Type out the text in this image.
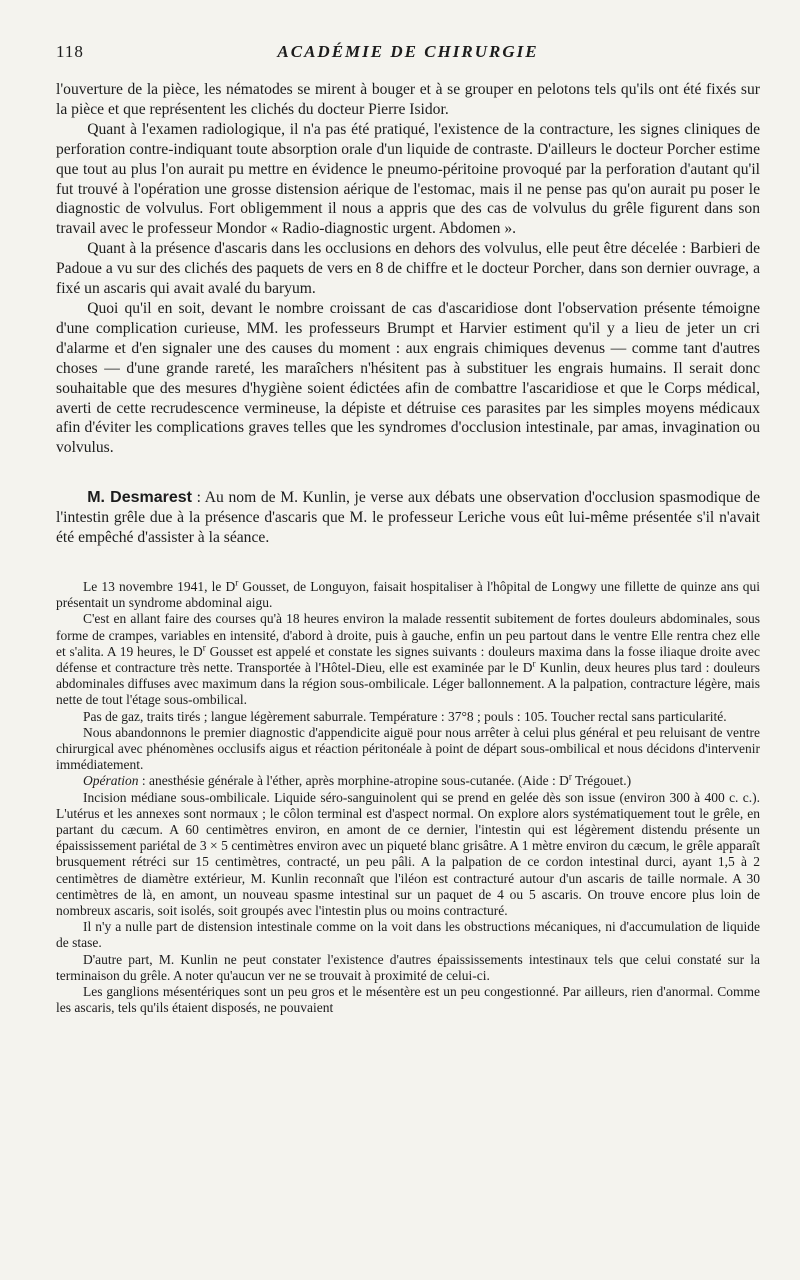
118	ACADÉMIE DE CHIRURGIE

l'ouverture de la pièce, les nématodes se mirent à bouger et à se grouper en pelotons tels qu'ils ont été fixés sur la pièce et que représentent les clichés du docteur Pierre Isidor.

Quant à l'examen radiologique, il n'a pas été pratiqué, l'existence de la contracture, les signes cliniques de perforation contre-indiquant toute absorption orale d'un liquide de contraste. D'ailleurs le docteur Porcher estime que tout au plus l'on aurait pu mettre en évidence le pneumo-péritoine provoqué par la perforation d'autant qu'il fut trouvé à l'opération une grosse distension aérique de l'estomac, mais il ne pense pas qu'on aurait pu poser le diagnostic de volvulus. Fort obligemment il nous a appris que des cas de volvulus du grêle figurent dans son travail avec le professeur Mondor « Radio-diagnostic urgent. Abdomen ».

Quant à la présence d'ascaris dans les occlusions en dehors des volvulus, elle peut être décelée : Barbieri de Padoue a vu sur des clichés des paquets de vers en 8 de chiffre et le docteur Porcher, dans son dernier ouvrage, a fixé un ascaris qui avait avalé du baryum.

Quoi qu'il en soit, devant le nombre croissant de cas d'ascaridiose dont l'observation présente témoigne d'une complication curieuse, MM. les professeurs Brumpt et Harvier estiment qu'il y a lieu de jeter un cri d'alarme et d'en signaler une des causes du moment : aux engrais chimiques devenus — comme tant d'autres choses — d'une grande rareté, les maraîchers n'hésitent pas à substituer les engrais humains. Il serait donc souhaitable que des mesures d'hygiène soient édictées afin de combattre l'ascaridiose et que le Corps médical, averti de cette recrudescence vermineuse, la dépiste et détruise ces parasites par les simples moyens médicaux afin d'éviter les complications graves telles que les syndromes d'occlusion intestinale, par amas, invagination ou volvulus.

M. Desmarest : Au nom de M. Kunlin, je verse aux débats une observation d'occlusion spasmodique de l'intestin grêle due à la présence d'ascaris que M. le professeur Leriche vous eût lui-même présentée s'il n'avait été empêché d'assister à la séance.

Le 13 novembre 1941, le $D^r$ Gousset, de Longuyon, faisait hospitaliser à l'hôpital de Longwy une fillette de quinze ans qui présentait un syndrome abdominal aigu.

C'est en allant faire des courses qu'à 18 heures environ la malade ressentit subitement de fortes douleurs abdominales, sous forme de crampes, variables en intensité, d'abord à droite, puis à gauche, enfin un peu partout dans le ventre Elle rentra chez elle et s'alita. A 19 heures, le $D^r$ Gousset est appelé et constate les signes suivants : douleurs maxima dans la fosse iliaque droite avec défense et contracture très nette. Transportée à l'Hôtel-Dieu, elle est examinée par le $D^r$ Kunlin, deux heures plus tard : douleurs abdominales diffuses avec maximum dans la région sous-ombilicale. Léger ballonnement. A la palpation, contracture légère, mais nette de tout l'étage sous-ombilical.

Pas de gaz, traits tirés ; langue légèrement saburrale. Température : 37°8 ; pouls : 105. Toucher rectal sans particularité.

Nous abandonnons le premier diagnostic d'appendicite aiguë pour nous arrêter à celui plus général et peu reluisant de ventre chirurgical avec phénomènes occlusifs aigus et réaction péritonéale à point de départ sous-ombilical et nous décidons d'intervenir immédiatement.

Opération : anesthésie générale à l'éther, après morphine-atropine sous-cutanée. (Aide : $D^r$ Trégouet.)

Incision médiane sous-ombilicale. Liquide séro-sanguinolent qui se prend en gelée dès son issue (environ 300 à 400 c. c.). L'utérus et les annexes sont normaux ; le côlon terminal est d'aspect normal. On explore alors systématiquement tout le grêle, en partant du cæcum. A 60 centimètres environ, en amont de ce dernier, l'intestin qui est légèrement distendu présente un épaississement pariétal de 3 × 5 centimètres environ avec un piqueté blanc grisâtre. A 1 mètre environ du cæcum, le grêle apparaît brusquement rétréci sur 15 centimètres, contracté, un peu pâli. A la palpation de ce cordon intestinal durci, ayant 1,5 à 2 centimètres de diamètre extérieur, M. Kunlin reconnaît que l'iléon est contracturé autour d'un ascaris de taille normale. A 30 centimètres de là, en amont, un nouveau spasme intestinal sur un paquet de 4 ou 5 ascaris. On trouve encore plus loin de nombreux ascaris, soit isolés, soit groupés avec l'intestin plus ou moins contracturé.

Il n'y a nulle part de distension intestinale comme on la voit dans les obstructions mécaniques, ni d'accumulation de liquide de stase.

D'autre part, M. Kunlin ne peut constater l'existence d'autres épaississements intestinaux tels que celui constaté sur la terminaison du grêle. A noter qu'aucun ver ne se trouvait à proximité de celui-ci.

Les ganglions mésentériques sont un peu gros et le mésentère est un peu congestionné. Par ailleurs, rien d'anormal. Comme les ascaris, tels qu'ils étaient disposés, ne pouvaient
